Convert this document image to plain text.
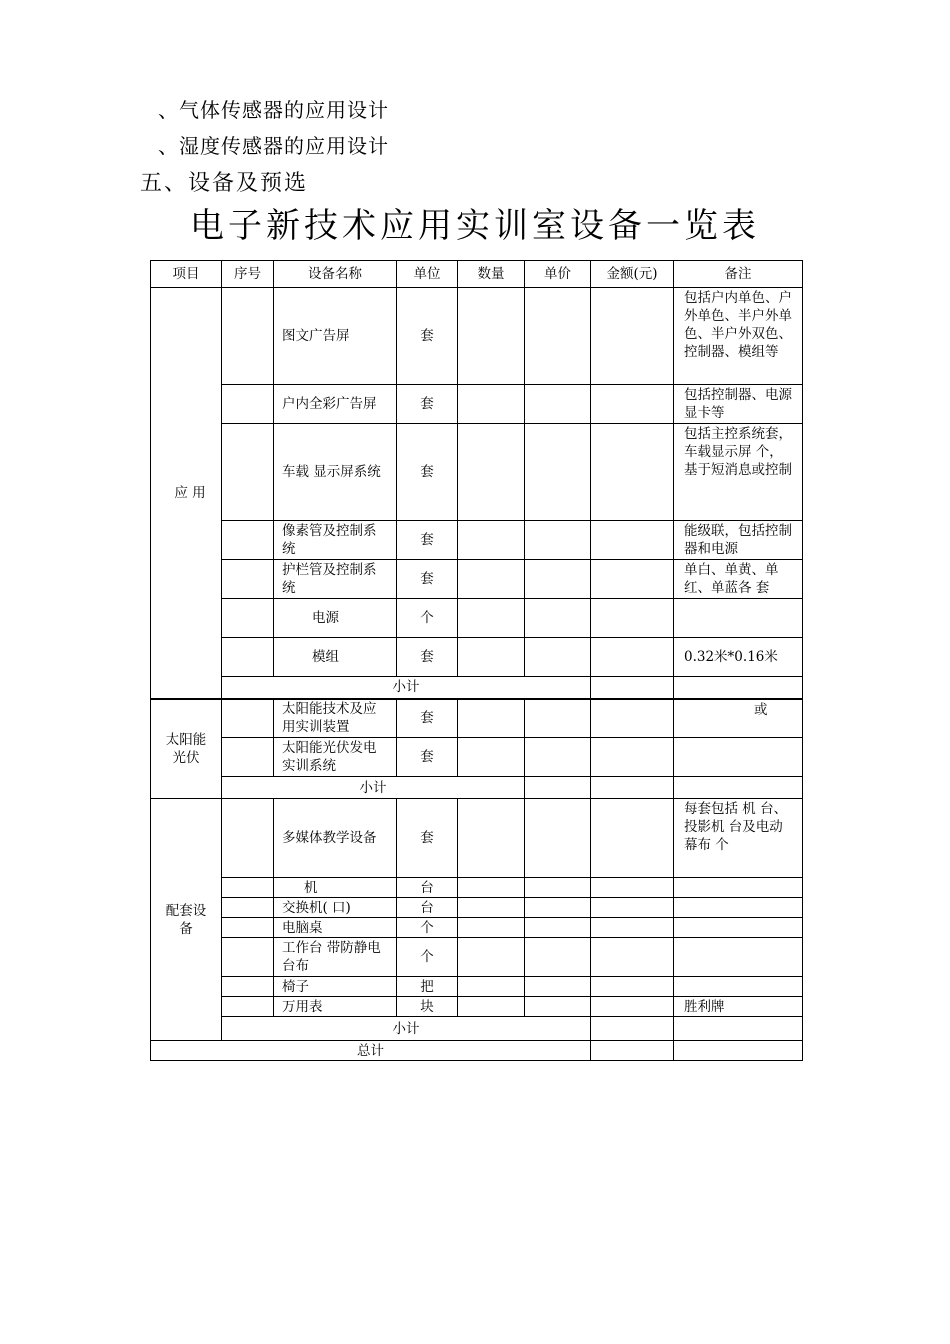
、气体传感器的应用设计
、湿度传感器的应用设计
五、设备及预选
电子新技术应用实训室设备一览表
项目	序号	设备名称	单位	数量	单价	金额(元)	备注
应 用		图文广告屏	套				包括户内单色、户外单色、半户外单色、半户外双色、控制器、模组等
		户内全彩广告屏	套				包括控制器、电源显卡等
		车载 显示屏系统	套				包括主控系统套，车载显示屏 个，基于短消息或控制
		像素管及控制系统	套				能级联，包括控制器和电源
		护栏管及控制系统	套				单白、单黄、单红、单蓝各 套
		电源	个				
		模组	套				0.32米*0.16米
	小计						
太阳能光伏		太阳能技术及应用实训装置	套				或
		太阳能光伏发电实训系统	套				
	小计						
配套设备		多媒体教学设备	套				每套包括 机 台、投影机 台及电动幕布 个
		机	台				
		交换机( 口)	台				
		电脑桌	个				
		工作台 带防静电台布	个				
		椅子	把				
		万用表	块				胜利牌
	小计						
总计							
